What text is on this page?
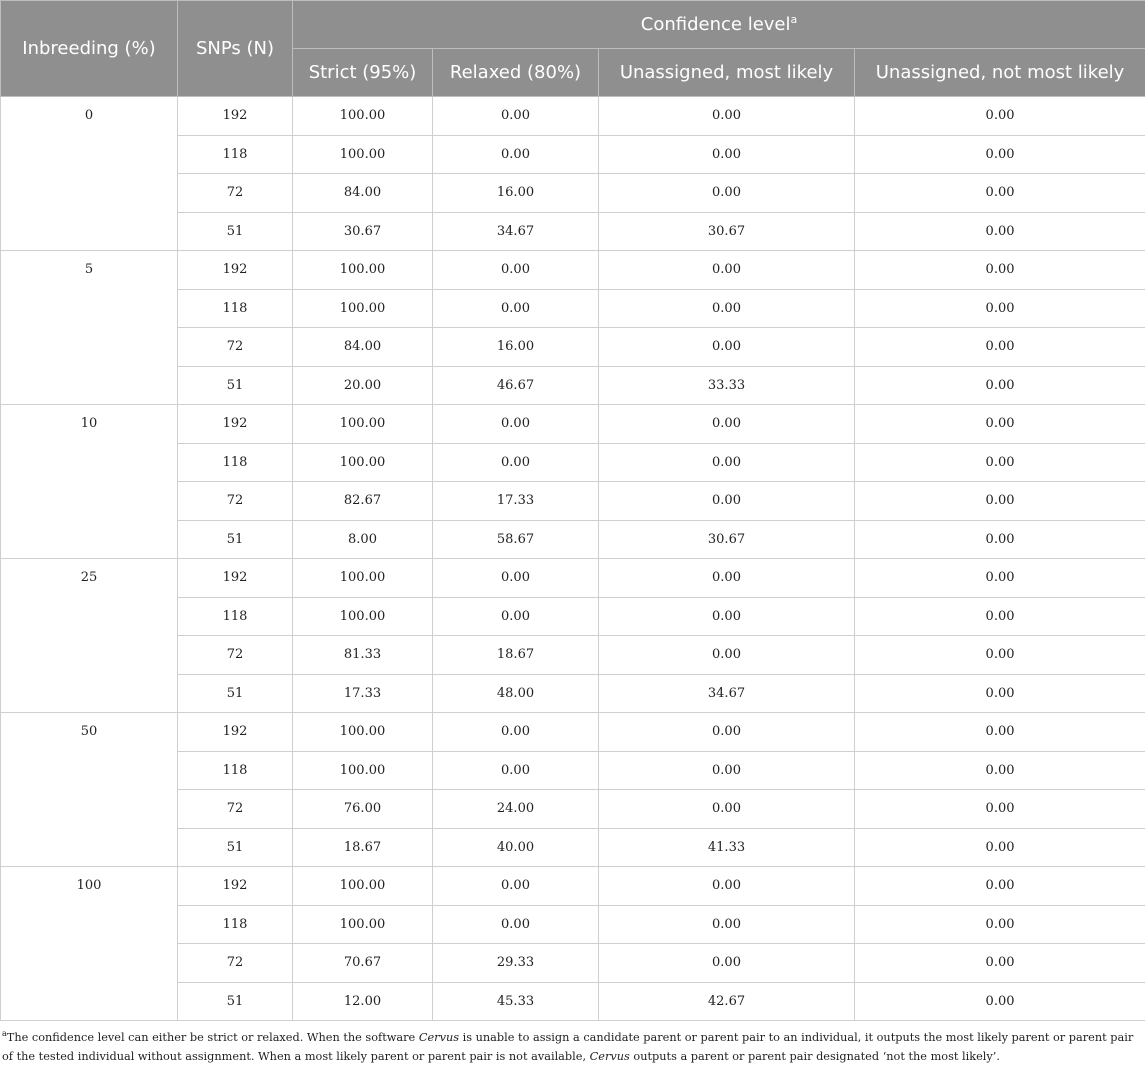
Inbreeding (%)	SNPs (N)	Confidence level$^a$
		Strict (95%)	Relaxed (80%)	Unassigned, most likely	Unassigned, not most likely
0	192	100.00	0.00	0.00	0.00
	118	100.00	0.00	0.00	0.00
	72	84.00	16.00	0.00	0.00
	51	30.67	34.67	30.67	0.00
5	192	100.00	0.00	0.00	0.00
	118	100.00	0.00	0.00	0.00
	72	84.00	16.00	0.00	0.00
	51	20.00	46.67	33.33	0.00
10	192	100.00	0.00	0.00	0.00
	118	100.00	0.00	0.00	0.00
	72	82.67	17.33	0.00	0.00
	51	8.00	58.67	30.67	0.00
25	192	100.00	0.00	0.00	0.00
	118	100.00	0.00	0.00	0.00
	72	81.33	18.67	0.00	0.00
	51	17.33	48.00	34.67	0.00
50	192	100.00	0.00	0.00	0.00
	118	100.00	0.00	0.00	0.00
	72	76.00	24.00	0.00	0.00
	51	18.67	40.00	41.33	0.00
100	192	100.00	0.00	0.00	0.00
	118	100.00	0.00	0.00	0.00
	72	70.67	29.33	0.00	0.00
	51	12.00	45.33	42.67	0.00
$^a$The confidence level can either be strict or relaxed. When the software Cervus is unable to assign a candidate parent or parent pair to an individual, it outputs the most likely parent or parent pair of the tested individual without assignment. When a most likely parent or parent pair is not available, Cervus outputs a parent or parent pair designated ‘not the most likely’.
